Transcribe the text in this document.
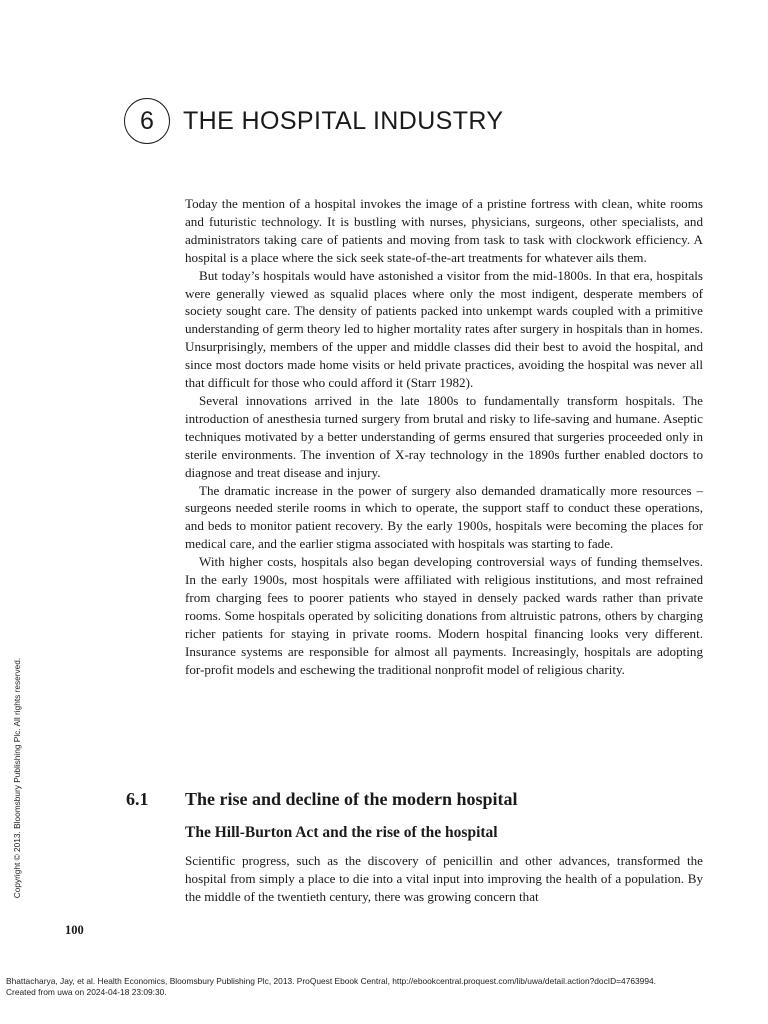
6	THE HOSPITAL INDUSTRY

Today the mention of a hospital invokes the image of a pristine fortress with clean, white rooms and futuristic technology. It is bustling with nurses, physicians, surgeons, other specialists, and administrators taking care of patients and moving from task to task with clockwork efficiency. A hospital is a place where the sick seek state-of-the-art treatments for whatever ails them.

But today’s hospitals would have astonished a visitor from the mid-1800s. In that era, hospitals were generally viewed as squalid places where only the most indigent, desperate members of society sought care. The density of patients packed into unkempt wards coupled with a primitive understanding of germ theory led to higher mortality rates after surgery in hospitals than in homes. Unsurprisingly, members of the upper and middle classes did their best to avoid the hospital, and since most doctors made home visits or held private practices, avoiding the hospital was never all that difficult for those who could afford it (Starr 1982).

Several innovations arrived in the late 1800s to fundamentally transform hospitals. The introduction of anesthesia turned surgery from brutal and risky to life-saving and humane. Aseptic techniques motivated by a better understanding of germs ensured that surgeries proceeded only in sterile environments. The invention of X-ray technology in the 1890s further enabled doctors to diagnose and treat disease and injury.

The dramatic increase in the power of surgery also demanded dramatically more resources – surgeons needed sterile rooms in which to operate, the support staff to conduct these operations, and beds to monitor patient recovery. By the early 1900s, hospitals were becoming the places for medical care, and the earlier stigma associated with hospitals was starting to fade.

With higher costs, hospitals also began developing controversial ways of funding themselves. In the early 1900s, most hospitals were affiliated with religious institutions, and most refrained from charging fees to poorer patients who stayed in densely packed wards rather than private rooms. Some hospitals operated by soliciting donations from altruistic patrons, others by charging richer patients for staying in private rooms. Modern hospital financing looks very different. Insurance systems are responsible for almost all payments. Increasingly, hospitals are adopting for-profit models and eschewing the traditional nonprofit model of religious charity.

6.1	The rise and decline of the modern hospital
The Hill-Burton Act and the rise of the hospital

Scientific progress, such as the discovery of penicillin and other advances, transformed the hospital from simply a place to die into a vital input into improving the health of a population. By the middle of the twentieth century, there was growing concern that

100
Copyright © 2013. Bloomsbury Publishing Plc. All rights reserved.
Bhattacharya, Jay, et al. Health Economics, Bloomsbury Publishing Plc, 2013. ProQuest Ebook Central, http://ebookcentral.proquest.com/lib/uwa/detail.action?docID=4763994.
Created from uwa on 2024-04-18 23:09:30.
